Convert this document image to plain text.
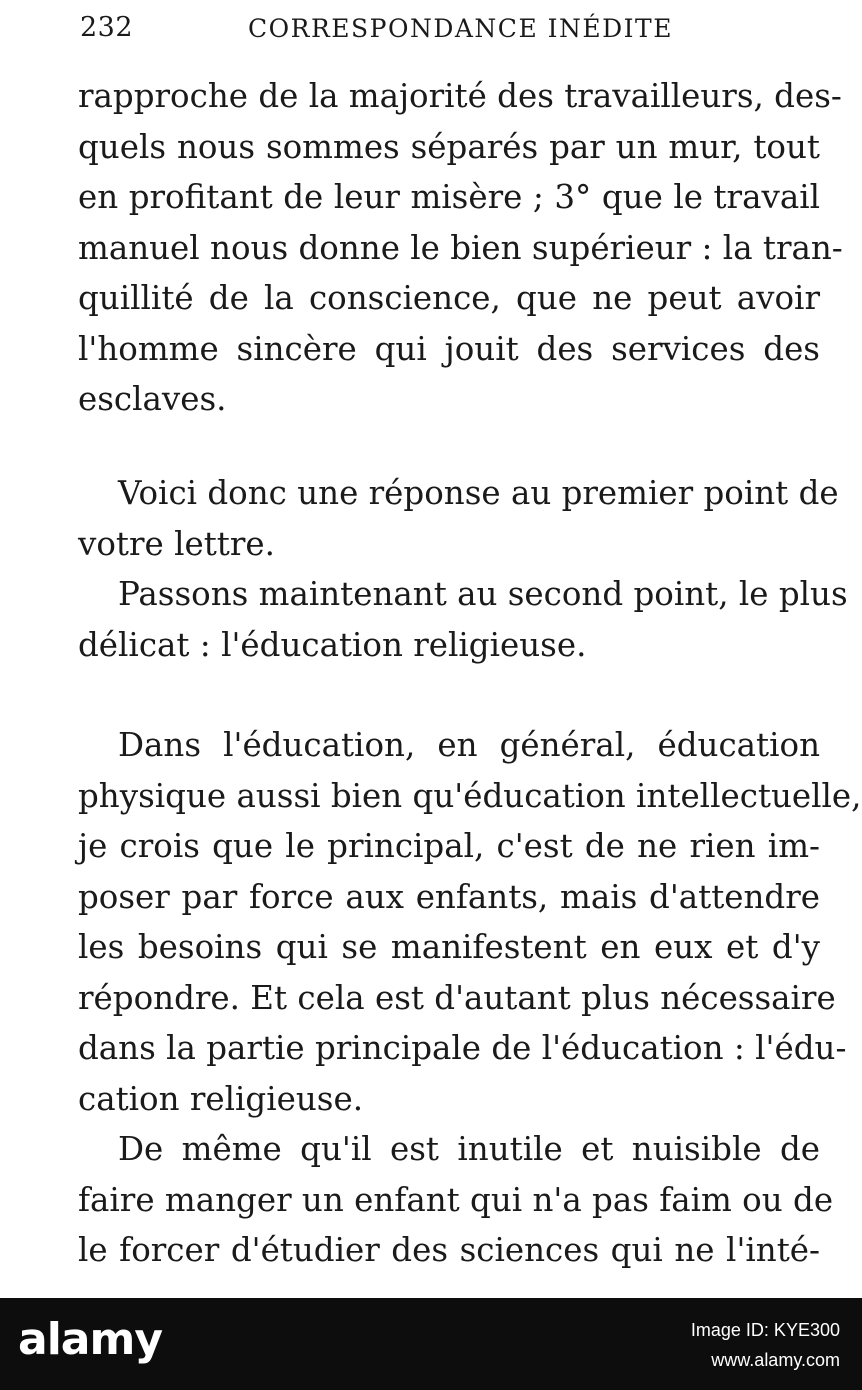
232	CORRESPONDANCE INÉDITE
rapproche de la majorité des travailleurs, des-
quels nous sommes séparés par un mur, tout
en profitant de leur misère ; 3° que le travail
manuel nous donne le bien supérieur : la tran-
quillité de la conscience, que ne peut avoir
l'homme sincère qui jouit des services des
esclaves.
Voici donc une réponse au premier point de
votre lettre.
Passons maintenant au second point, le plus
délicat : l'éducation religieuse.
Dans l'éducation, en général, éducation
physique aussi bien qu'éducation intellectuelle,
je crois que le principal, c'est de ne rien im-
poser par force aux enfants, mais d'attendre
les besoins qui se manifestent en eux et d'y
répondre. Et cela est d'autant plus nécessaire
dans la partie principale de l'éducation : l'édu-
cation religieuse.
De même qu'il est inutile et nuisible de
faire manger un enfant qui n'a pas faim ou de
le forcer d'étudier des sciences qui ne l'inté-
alamy	Image ID: KYE300
www.alamy.com
